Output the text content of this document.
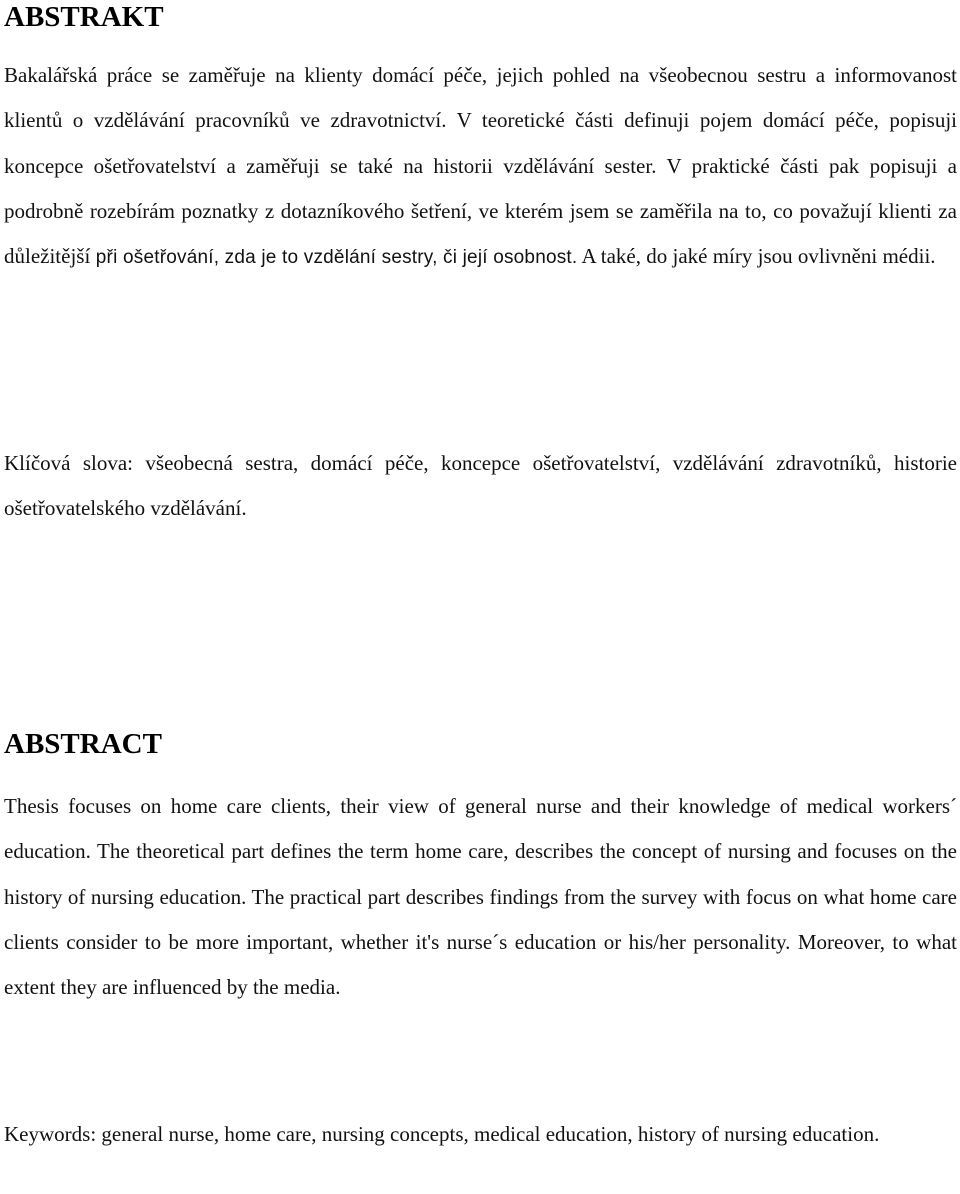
ABSTRAKT

Bakalářská práce se zaměřuje na klienty domácí péče, jejich pohled na všeobecnou sestru a informovanost klientů o vzdělávání pracovníků ve zdravotnictví. V teoretické části definuji pojem domácí péče, popisuji koncepce ošetřovatelství a zaměřuji se také na historii vzdělávání sester. V praktické části pak popisuji a podrobně rozebírám poznatky z dotazníkového šetření, ve kterém jsem se zaměřila na to, co považují klienti za důležitější při ošetřování, zda je to vzdělání sestry, či její osobnost. A také, do jaké míry jsou ovlivněni médii.

Klíčová slova: všeobecná sestra, domácí péče, koncepce ošetřovatelství, vzdělávání zdravotníků, historie ošetřovatelského vzdělávání.

ABSTRACT

Thesis focuses on home care clients, their view of general nurse and their knowledge of medical workers´ education. The theoretical part defines the term home care, describes the concept of nursing and focuses on the history of nursing education. The practical part describes findings from the survey with focus on what home care clients consider to be more important, whether it's nurse´s education or his/her personality. Moreover, to what extent they are influenced by the media.

Keywords: general nurse, home care, nursing concepts, medical education, history of nursing education.
